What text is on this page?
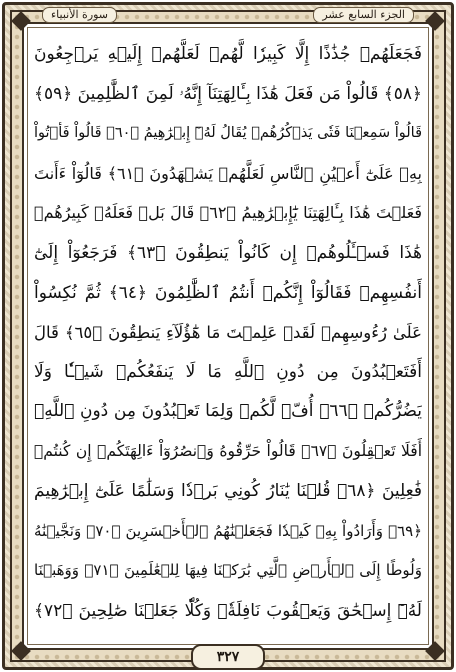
سورة الأنبياء	الجزء السابع عشر
فَجَعَلَهُمۡ جُذَٰذًا إِلَّا كَبِيرٗا لَّهُمۡ لَعَلَّهُمۡ إِلَيۡهِ يَرۡجِعُونَ
﴿٥٨﴾ قَالُواْ مَن فَعَلَ هَٰذَا بِـَٔالِهَتِنَآ إِنَّهُۥ لَمِنَ ٱلظَّٰلِمِينَ ﴿٥٩﴾
قَالُواْ سَمِعۡنَا فَتٗى يَذۡكُرُهُمۡ يُقَالُ لَهُۥٓ إِبۡرَٰهِيمُ ﴿٦٠﴾ قَالُواْ فَأۡتُواْ
بِهِۦ عَلَىٰٓ أَعۡيُنِ ٱلنَّاسِ لَعَلَّهُمۡ يَشۡهَدُونَ ﴿٦١﴾ قَالُوٓاْ ءَأَنتَ
فَعَلۡتَ هَٰذَا بِـَٔالِهَتِنَا يَٰٓإِبۡرَٰهِيمُ ﴿٦٢﴾ قَالَ بَلۡ فَعَلَهُۥ كَبِيرُهُمۡ
هَٰذَا فَسۡـَٔلُوهُمۡ إِن كَانُواْ يَنطِقُونَ ﴿٦٣﴾ فَرَجَعُوٓاْ إِلَىٰٓ
أَنفُسِهِمۡ فَقَالُوٓاْ إِنَّكُمۡ أَنتُمُ ٱلظَّٰلِمُونَ ﴿٦٤﴾ ثُمَّ نُكِسُواْ
عَلَىٰ رُءُوسِهِمۡ لَقَدۡ عَلِمۡتَ مَا هَٰٓؤُلَآءِ يَنطِقُونَ ﴿٦٥﴾ قَالَ
أَفَتَعۡبُدُونَ مِن دُونِ ٱللَّهِ مَا لَا يَنفَعُكُمۡ شَيۡـٔٗا وَلَا
يَضُرُّكُمۡ ﴿٦٦﴾ أُفّٖ لَّكُمۡ وَلِمَا تَعۡبُدُونَ مِن دُونِ ٱللَّهِۚ
أَفَلَا تَعۡقِلُونَ ﴿٦٧﴾ قَالُواْ حَرِّقُوهُ وَٱنصُرُوٓاْ ءَالِهَتَكُمۡ إِن كُنتُمۡ
فَٰعِلِينَ ﴿٦٨﴾ قُلۡنَا يَٰنَارُ كُونِي بَرۡدٗا وَسَلَٰمًا عَلَىٰٓ إِبۡرَٰهِيمَ
﴿٦٩﴾ وَأَرَادُواْ بِهِۦ كَيۡدٗا فَجَعَلۡنَٰهُمُ ٱلۡأَخۡسَرِينَ ﴿٧٠﴾ وَنَجَّيۡنَٰهُ
وَلُوطًا إِلَى ٱلۡأَرۡضِ ٱلَّتِي بَٰرَكۡنَا فِيهَا لِلۡعَٰلَمِينَ ﴿٧١﴾ وَوَهَبۡنَا
لَهُۥٓ إِسۡحَٰقَ وَيَعۡقُوبَ نَافِلَةٗۖ وَكُلّٗا جَعَلۡنَا صَٰلِحِينَ ﴿٧٢﴾
٣٢٧
